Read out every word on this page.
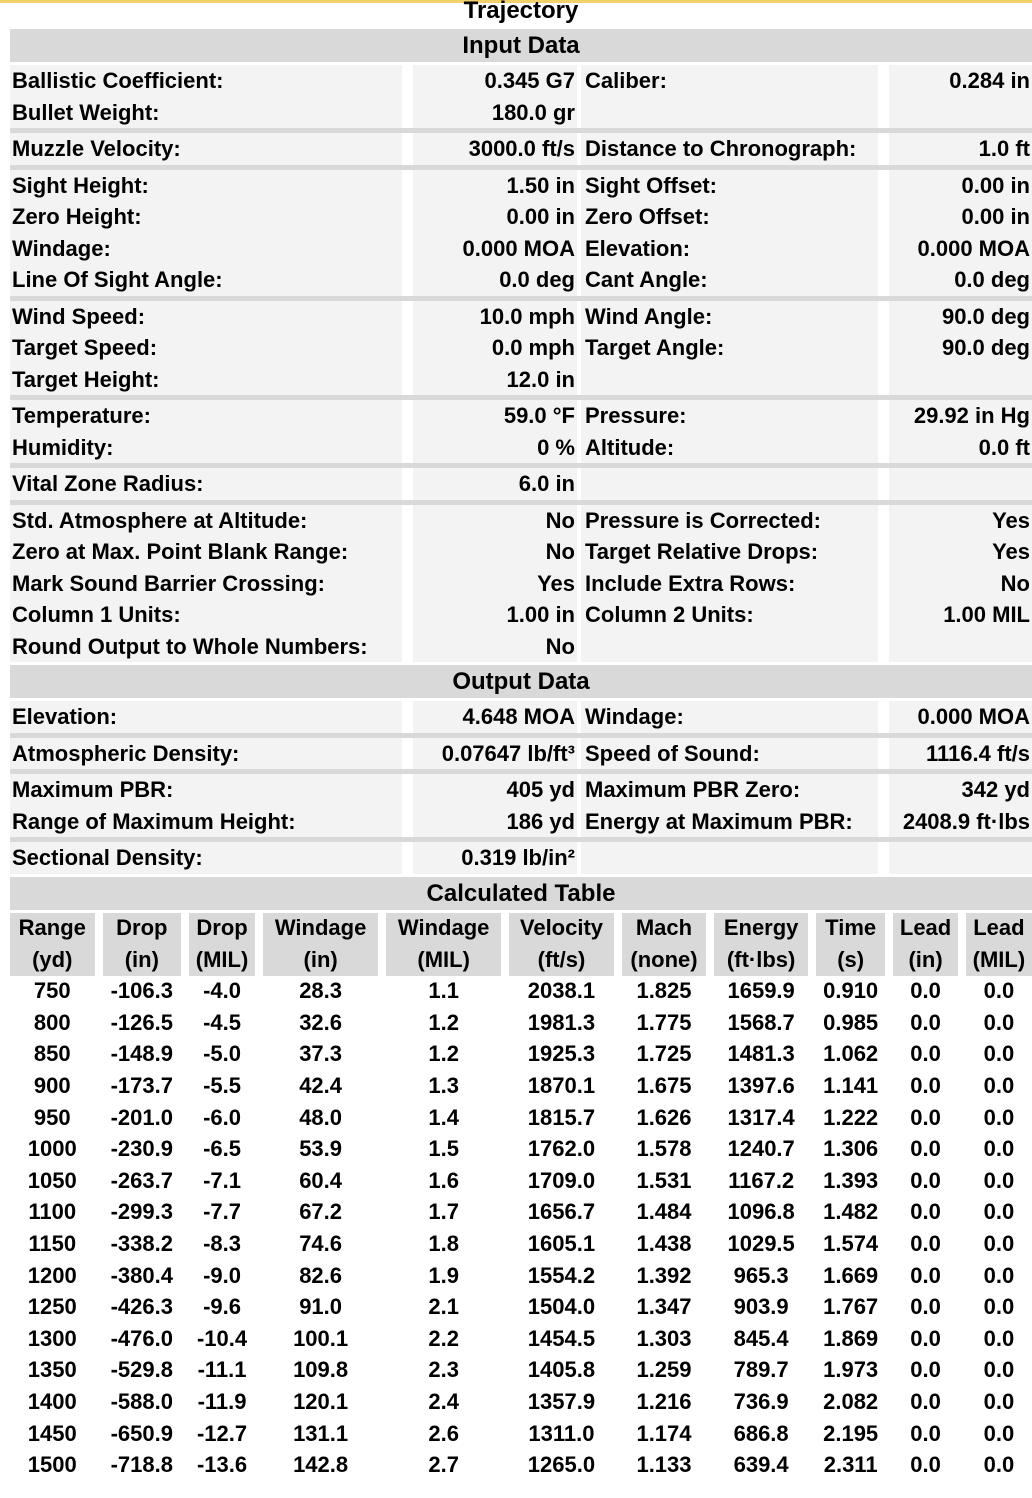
Trajectory
Input Data
Ballistic Coefficient:	0.345 G7 Caliber:	0.284 in
Bullet Weight:	180.0 gr
Muzzle Velocity:	3000.0 ft/s Distance to Chronograph:	1.0 ft
Sight Height:	1.50 in Sight Offset:	0.00 in
Zero Height:	0.00 in Zero Offset:	0.00 in
Windage:	0.000 MOA Elevation:	0.000 MOA
Line Of Sight Angle:	0.0 deg Cant Angle:	0.0 deg
Wind Speed:	10.0 mph Wind Angle:	90.0 deg
Target Speed:	0.0 mph Target Angle:	90.0 deg
Target Height:	12.0 in
Temperature:	59.0 °F Pressure:	29.92 in Hg
Humidity:	0 % Altitude:	0.0 ft
Vital Zone Radius:	6.0 in
Std. Atmosphere at Altitude:	No Pressure is Corrected:	Yes
Zero at Max. Point Blank Range:	No Target Relative Drops:	Yes
Mark Sound Barrier Crossing:	Yes Include Extra Rows:	No
Column 1 Units:	1.00 in Column 2 Units:	1.00 MIL
Round Output to Whole Numbers:	No
Output Data
Elevation:	4.648 MOA Windage:	0.000 MOA
Atmospheric Density:	0.07647 lb/ft³ Speed of Sound:	1116.4 ft/s
Maximum PBR:	405 yd Maximum PBR Zero:	342 yd
Range of Maximum Height:	186 yd Energy at Maximum PBR:	2408.9 ft·lbs
Sectional Density:	0.319 lb/in²
Calculated Table
Range	Drop	Drop	Windage	Windage	Velocity	Mach	Energy	Time	Lead	Lead
(yd)	(in)	(MIL)	(in)	(MIL)	(ft/s)	(none)	(ft·lbs)	(s)	(in)	(MIL)
750	-106.3	-4.0	28.3	1.1	2038.1	1.825	1659.9	0.910	0.0	0.0
800	-126.5	-4.5	32.6	1.2	1981.3	1.775	1568.7	0.985	0.0	0.0
850	-148.9	-5.0	37.3	1.2	1925.3	1.725	1481.3	1.062	0.0	0.0
900	-173.7	-5.5	42.4	1.3	1870.1	1.675	1397.6	1.141	0.0	0.0
950	-201.0	-6.0	48.0	1.4	1815.7	1.626	1317.4	1.222	0.0	0.0
1000	-230.9	-6.5	53.9	1.5	1762.0	1.578	1240.7	1.306	0.0	0.0
1050	-263.7	-7.1	60.4	1.6	1709.0	1.531	1167.2	1.393	0.0	0.0
1100	-299.3	-7.7	67.2	1.7	1656.7	1.484	1096.8	1.482	0.0	0.0
1150	-338.2	-8.3	74.6	1.8	1605.1	1.438	1029.5	1.574	0.0	0.0
1200	-380.4	-9.0	82.6	1.9	1554.2	1.392	965.3	1.669	0.0	0.0
1250	-426.3	-9.6	91.0	2.1	1504.0	1.347	903.9	1.767	0.0	0.0
1300	-476.0	-10.4	100.1	2.2	1454.5	1.303	845.4	1.869	0.0	0.0
1350	-529.8	-11.1	109.8	2.3	1405.8	1.259	789.7	1.973	0.0	0.0
1400	-588.0	-11.9	120.1	2.4	1357.9	1.216	736.9	2.082	0.0	0.0
1450	-650.9	-12.7	131.1	2.6	1311.0	1.174	686.8	2.195	0.0	0.0
1500	-718.8	-13.6	142.8	2.7	1265.0	1.133	639.4	2.311	0.0	0.0
